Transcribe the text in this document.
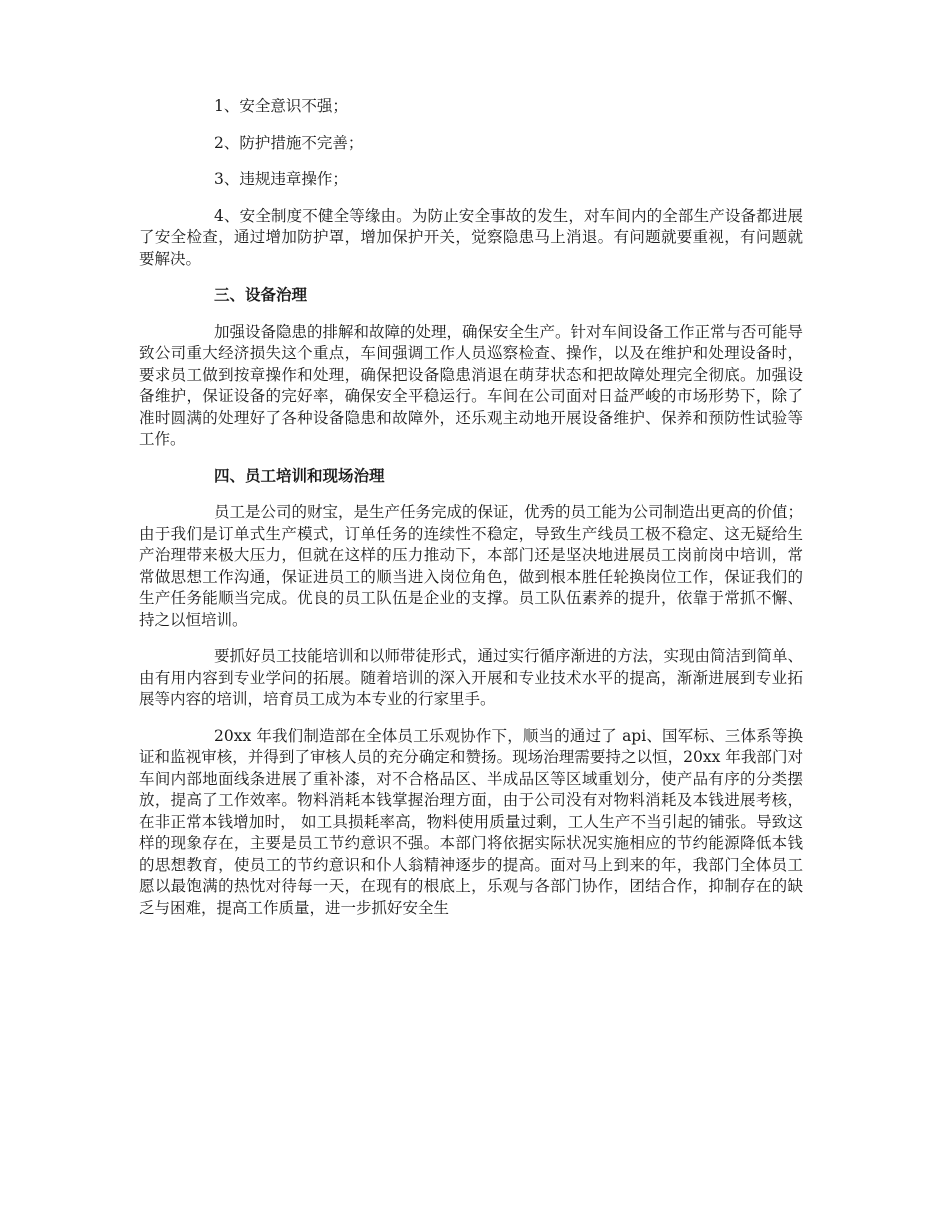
1、安全意识不强；

2、防护措施不完善；

3、违规违章操作；

4、安全制度不健全等缘由。为防止安全事故的发生，对车间内的全部生产设备都进展了安全检查，通过增加防护罩，增加保护开关，觉察隐患马上消退。有问题就要重视，有问题就要解决。

三、设备治理

加强设备隐患的排解和故障的处理，确保安全生产。针对车间设备工作正常与否可能导致公司重大经济损失这个重点，车间强调工作人员巡察检查、操作，以及在维护和处理设备时，要求员工做到按章操作和处理，确保把设备隐患消退在萌芽状态和把故障处理完全彻底。加强设备维护，保证设备的完好率，确保安全平稳运行。车间在公司面对日益严峻的市场形势下，除了准时圆满的处理好了各种设备隐患和故障外，还乐观主动地开展设备维护、保养和预防性试验等工作。

四、员工培训和现场治理

员工是公司的财宝，是生产任务完成的保证，优秀的员工能为公司制造出更高的价值；由于我们是订单式生产模式，订单任务的连续性不稳定，导致生产线员工极不稳定、这无疑给生产治理带来极大压力，但就在这样的压力推动下，本部门还是坚决地进展员工岗前岗中培训，常常做思想工作沟通，保证进员工的顺当进入岗位角色，做到根本胜任轮换岗位工作，保证我们的生产任务能顺当完成。优良的员工队伍是企业的支撑。员工队伍素养的提升，依靠于常抓不懈、持之以恒培训。

要抓好员工技能培训和以师带徒形式，通过实行循序渐进的方法，实现由简洁到简单、由有用内容到专业学问的拓展。随着培训的深入开展和专业技术水平的提高，渐渐进展到专业拓展等内容的培训，培育员工成为本专业的行家里手。

20xx 年我们制造部在全体员工乐观协作下，顺当的通过了 api、国军标、三体系等换证和监视审核，并得到了审核人员的充分确定和赞扬。现场治理需要持之以恒，20xx 年我部门对车间内部地面线条进展了重补漆，对不合格品区、半成品区等区域重划分，使产品有序的分类摆放，提高了工作效率。物料消耗本钱掌握治理方面，由于公司没有对物料消耗及本钱进展考核，在非正常本钱增加时， 如工具损耗率高，物料使用质量过剩，工人生产不当引起的铺张。导致这样的现象存在，主要是员工节约意识不强。本部门将依据实际状况实施相应的节约能源降低本钱的思想教育，使员工的节约意识和仆人翁精神逐步的提高。面对马上到来的年，我部门全体员工愿以最饱满的热忱对待每一天，在现有的根底上，乐观与各部门协作，团结合作，抑制存在的缺乏与困难，提高工作质量，进一步抓好安全生
